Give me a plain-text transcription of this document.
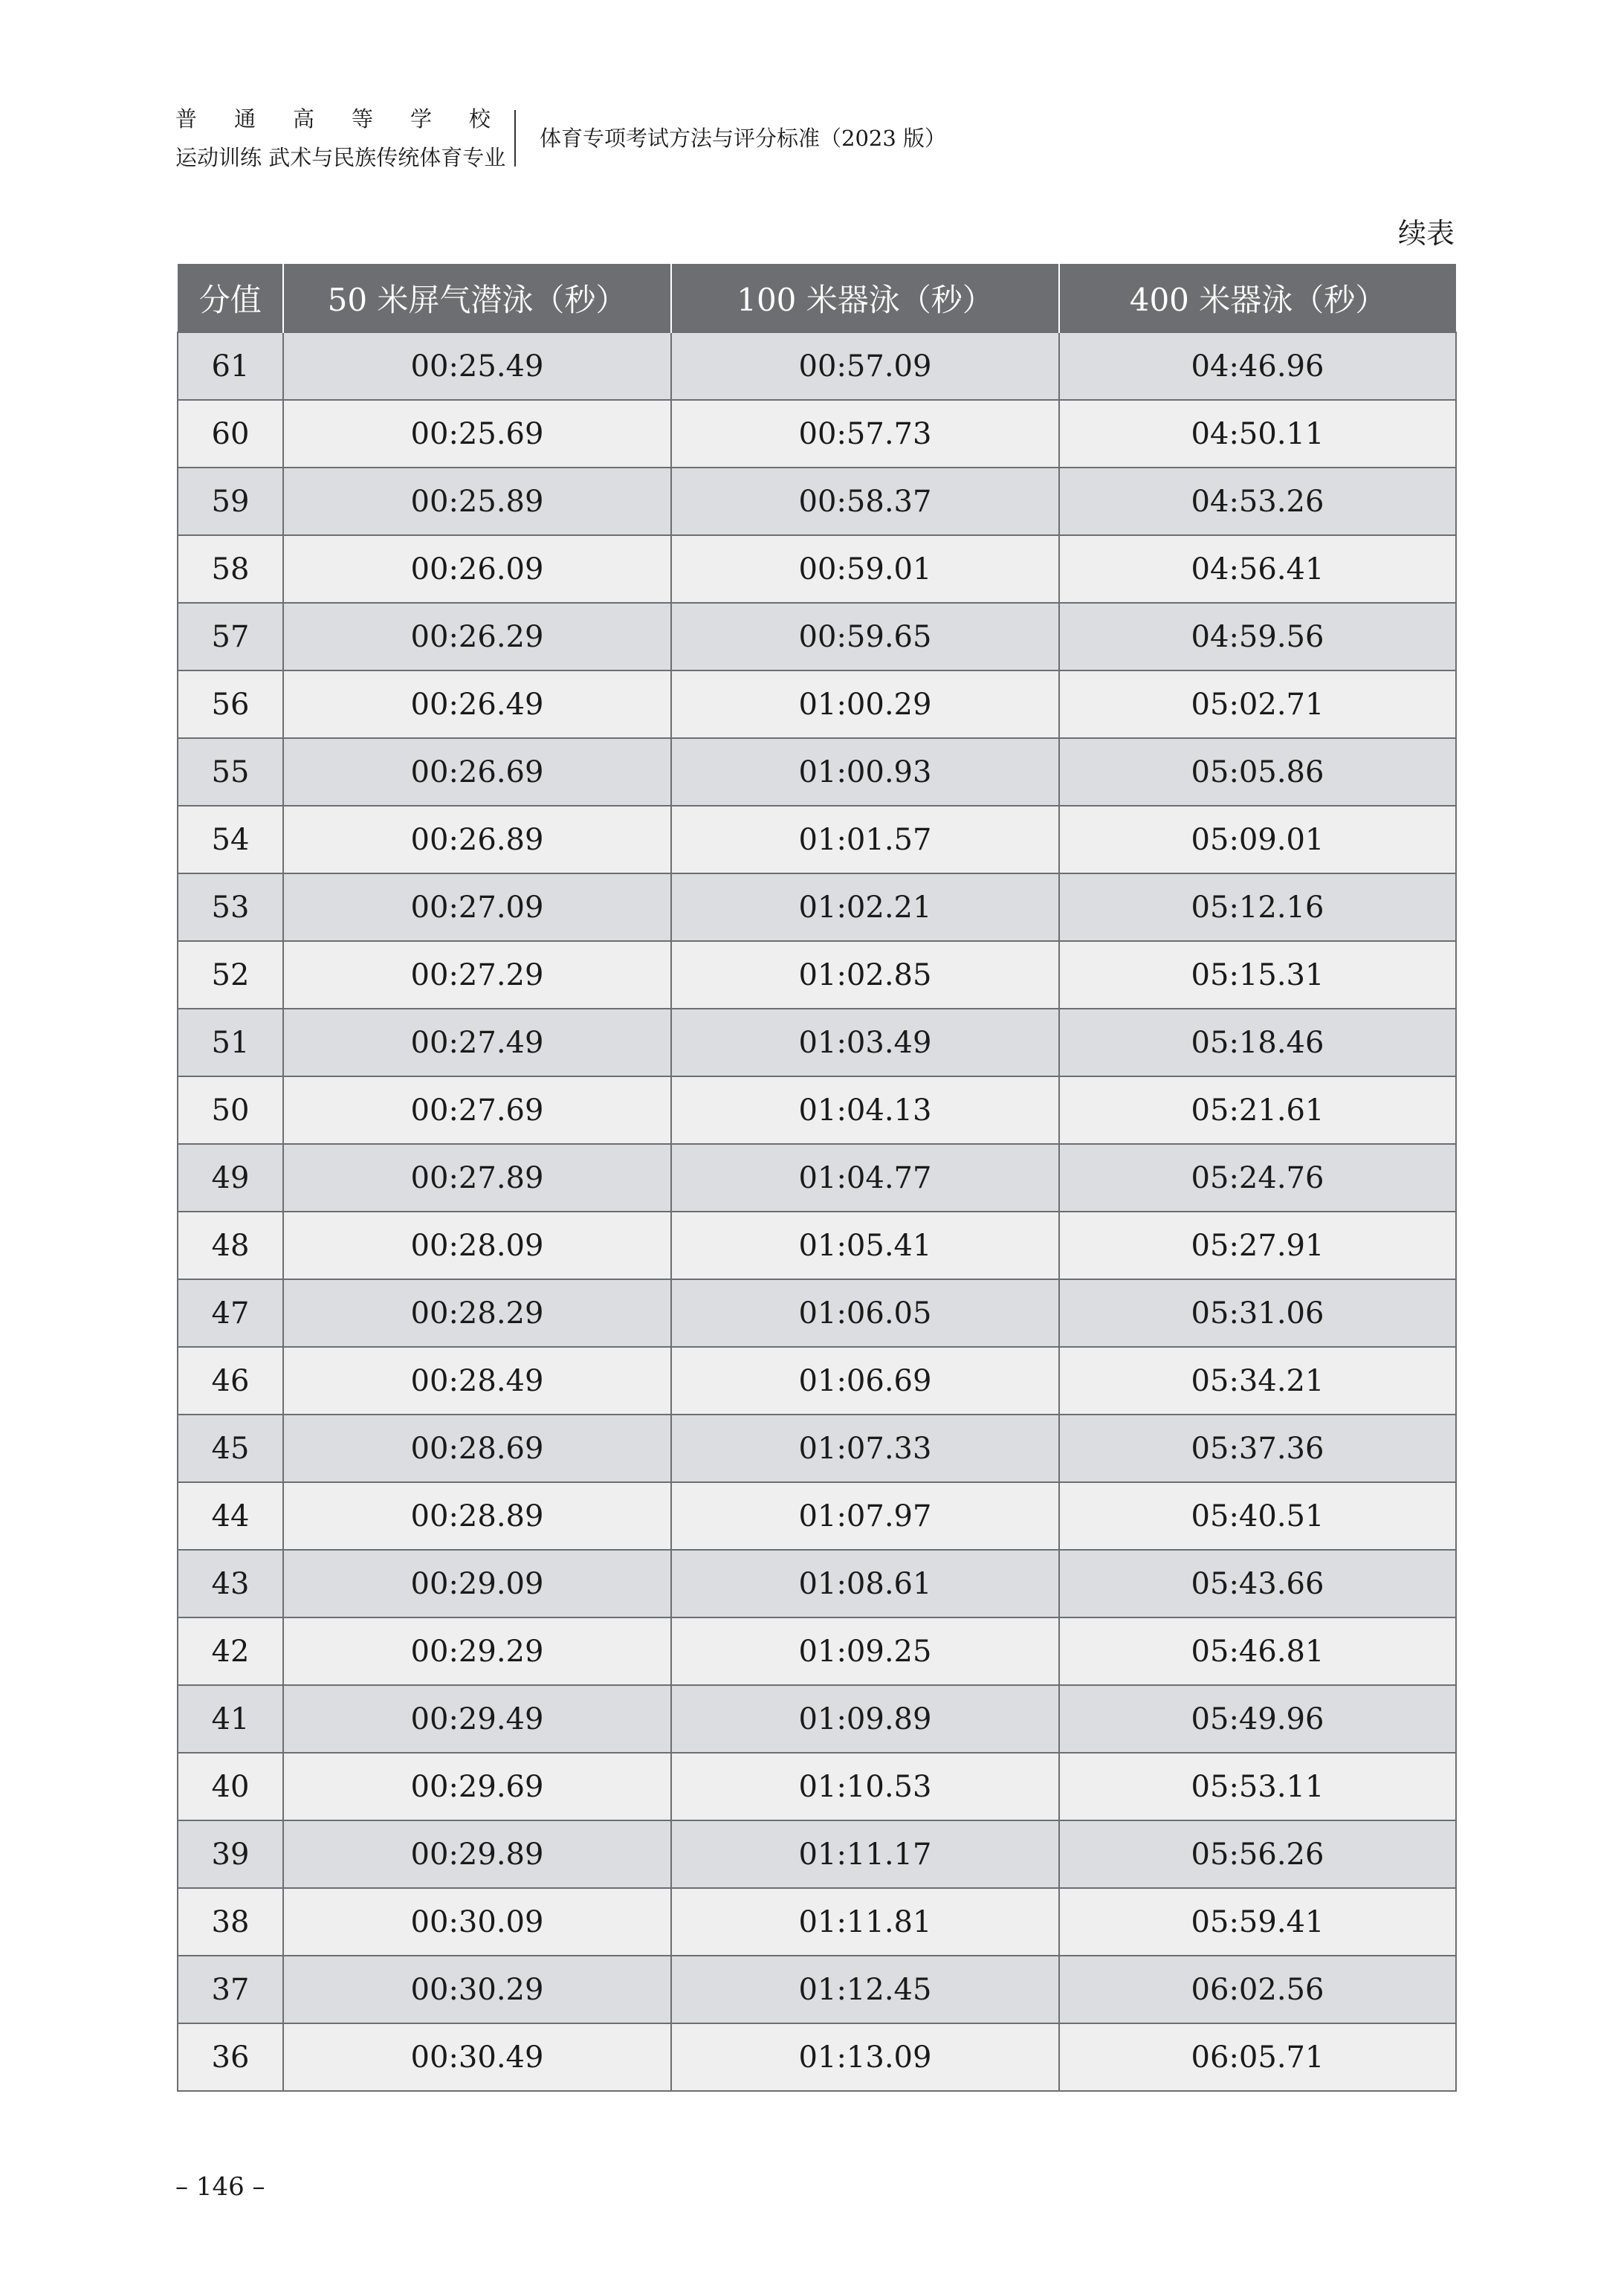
普 通 高 等 学 校
运动训练 武术与民族传统体育专业
体育专项考试方法与评分标准（2023 版）
续表
分值	50 米屏气潜泳（秒）	100 米器泳（秒）	400 米器泳（秒）
61	00:25.49	00:57.09	04:46.96
60	00:25.69	00:57.73	04:50.11
59	00:25.89	00:58.37	04:53.26
58	00:26.09	00:59.01	04:56.41
57	00:26.29	00:59.65	04:59.56
56	00:26.49	01:00.29	05:02.71
55	00:26.69	01:00.93	05:05.86
54	00:26.89	01:01.57	05:09.01
53	00:27.09	01:02.21	05:12.16
52	00:27.29	01:02.85	05:15.31
51	00:27.49	01:03.49	05:18.46
50	00:27.69	01:04.13	05:21.61
49	00:27.89	01:04.77	05:24.76
48	00:28.09	01:05.41	05:27.91
47	00:28.29	01:06.05	05:31.06
46	00:28.49	01:06.69	05:34.21
45	00:28.69	01:07.33	05:37.36
44	00:28.89	01:07.97	05:40.51
43	00:29.09	01:08.61	05:43.66
42	00:29.29	01:09.25	05:46.81
41	00:29.49	01:09.89	05:49.96
40	00:29.69	01:10.53	05:53.11
39	00:29.89	01:11.17	05:56.26
38	00:30.09	01:11.81	05:59.41
37	00:30.29	01:12.45	06:02.56
36	00:30.49	01:13.09	06:05.71
– 146 –
